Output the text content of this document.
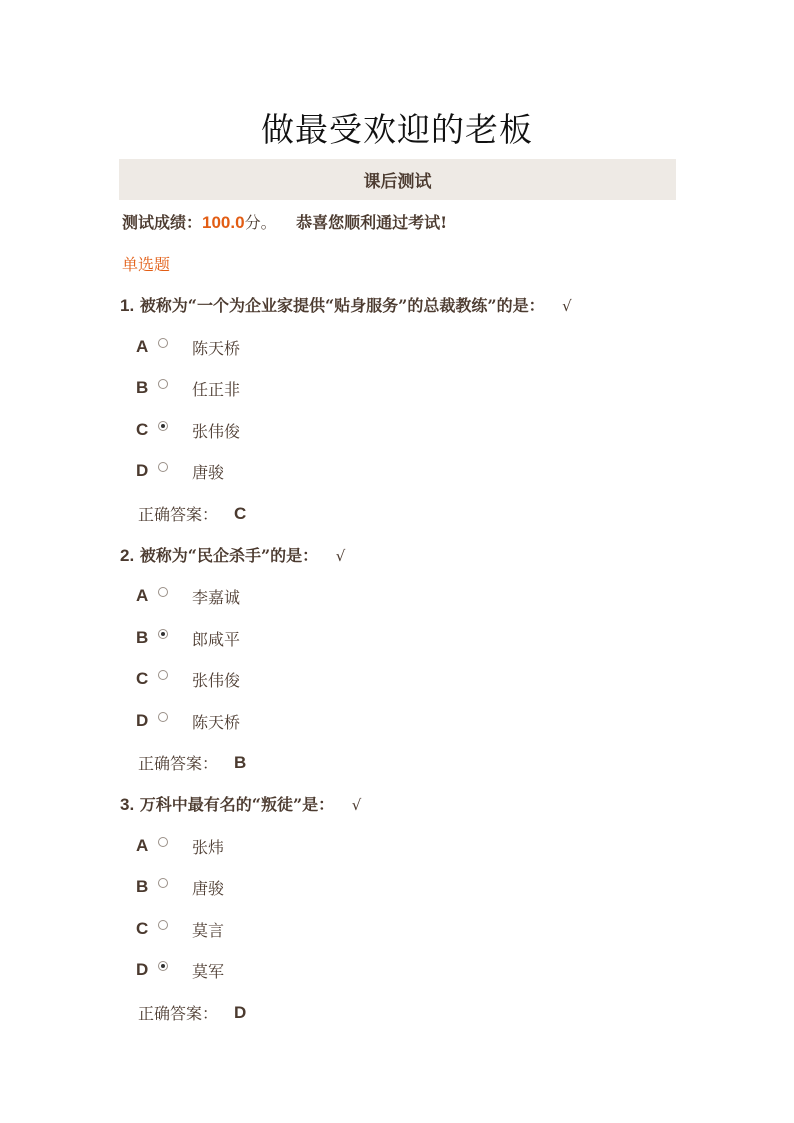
做最受欢迎的老板
课后测试
测试成绩：100.0分。 恭喜您顺利通过考试!
单选题
1. 被称为“一个为企业家提供“贴身服务”的总裁教练”的是： √
A	陈天桥
B	任正非
C	张伟俊
D	唐骏
正确答案： C
2. 被称为“民企杀手”的是： √
A	李嘉诚
B	郎咸平
C	张伟俊
D	陈天桥
正确答案： B
3. 万科中最有名的“叛徒”是： √
A	张炜
B	唐骏
C	莫言
D	莫军
正确答案： D
